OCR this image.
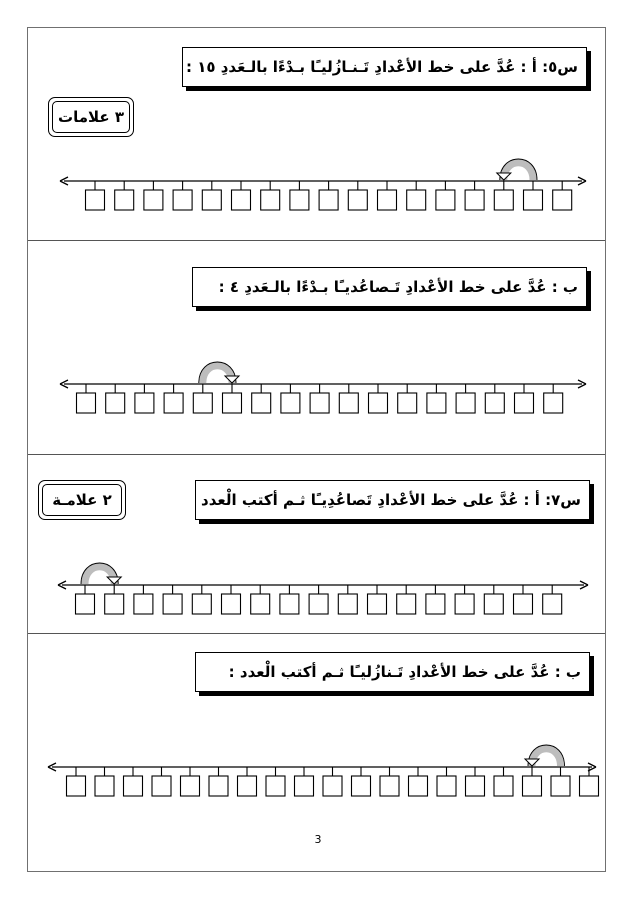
س٥: أ : عُدَّ على خط الأعْدادِ تَـنـازُليـًا بـدْءًا بالـعَددِ ١٥ :
٣ علامات
ب : عُدَّ على خط الأعْدادِ تَـصاعُديـًا بـدْءًا بالـعَددِ ٤ :
س٧: أ : عُدَّ على خط الأعْدادِ تَصاعُدِيـًا ثـم أكتب الْعدد
٢ علامـة
ب : عُدَّ على خط الأعْدادِ تَـنازُليـًا ثـم أكتب الْعدد :
3
